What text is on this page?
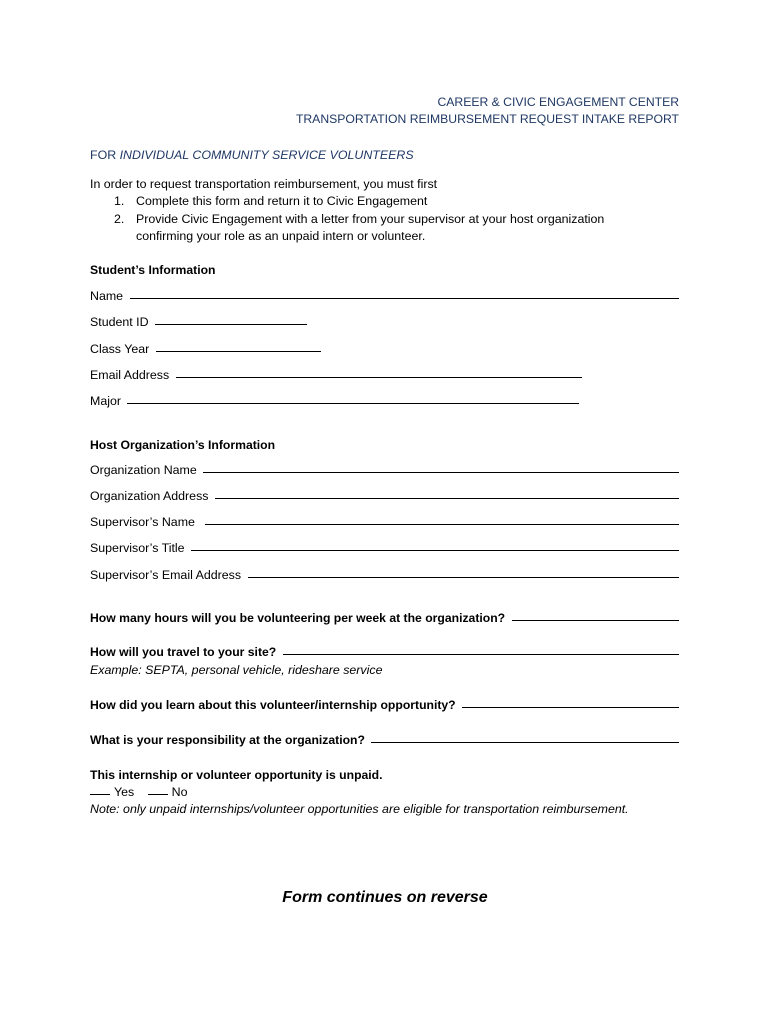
CAREER & CIVIC ENGAGEMENT CENTER
TRANSPORTATION REIMBURSEMENT REQUEST INTAKE REPORT
FOR INDIVIDUAL COMMUNITY SERVICE VOLUNTEERS
In order to request transportation reimbursement, you must first
1. Complete this form and return it to Civic Engagement
2. Provide Civic Engagement with a letter from your supervisor at your host organization confirming your role as an unpaid intern or volunteer.
Student’s Information
Name
Student ID
Class Year
Email Address
Major
Host Organization’s Information
Organization Name
Organization Address
Supervisor’s Name
Supervisor’s Title
Supervisor’s Email Address
How many hours will you be volunteering per week at the organization?
How will you travel to your site?
Example: SEPTA, personal vehicle, rideshare service
How did you learn about this volunteer/internship opportunity?
What is your responsibility at the organization?
This internship or volunteer opportunity is unpaid.
Yes	No
Note: only unpaid internships/volunteer opportunities are eligible for transportation reimbursement.
Form continues on reverse
